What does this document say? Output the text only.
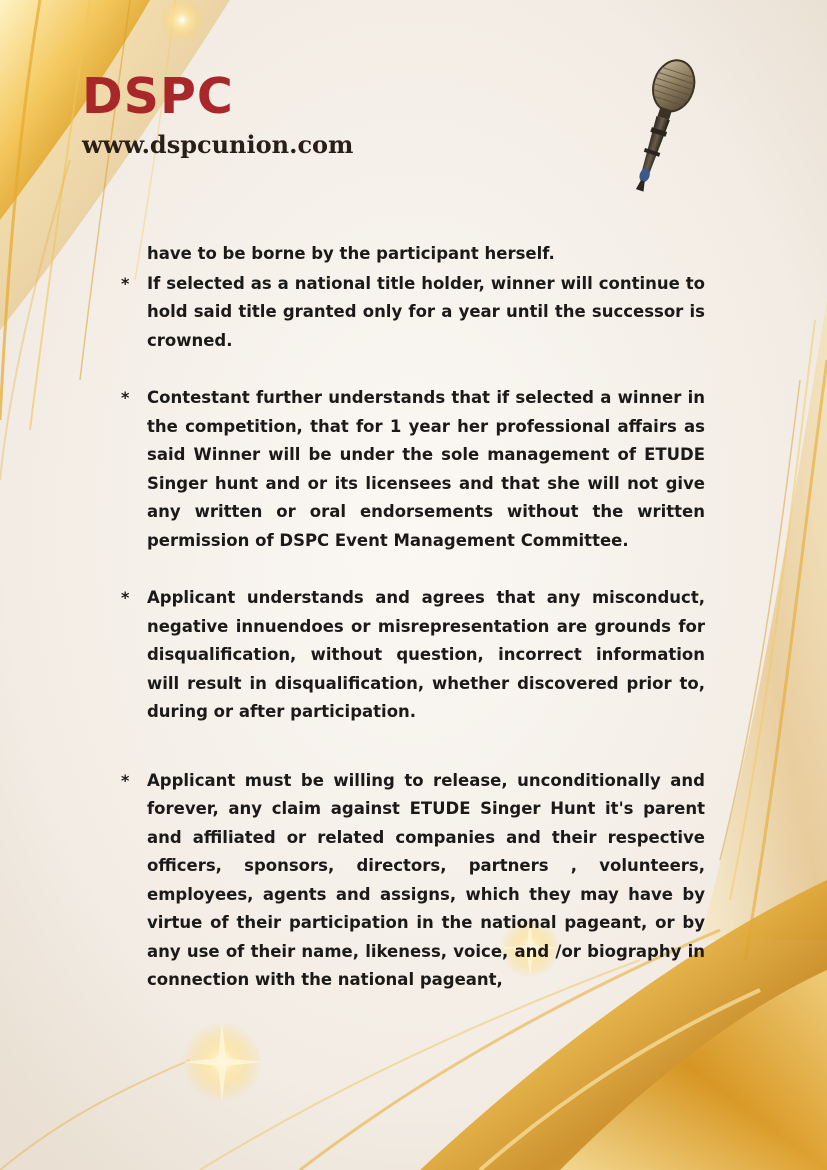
DSPC
www.dspcunion.com

have to be borne by the participant herself.

* If selected as a national title holder, winner will continue to hold said title granted only for a year until the successor is crowned.
* Contestant further understands that if selected a winner in the competition, that for 1 year her professional affairs as said Winner will be under the sole management of ETUDE Singer hunt and or its licensees and that she will not give any written or oral endorsements without the written permission of DSPC Event Management Committee.
* Applicant understands and agrees that any misconduct, negative innuendoes or misrepresentation are grounds for disqualification, without question, incorrect information will result in disqualification, whether discovered prior to, during or after participation.
* Applicant must be willing to release, unconditionally and forever, any claim against ETUDE Singer Hunt it's parent and affiliated or related companies and their respective officers, sponsors, directors, partners , volunteers, employees, agents and assigns, which they may have by virtue of their participation in the national pageant, or by any use of their name, likeness, voice, and /or biography in connection with the national pageant,
